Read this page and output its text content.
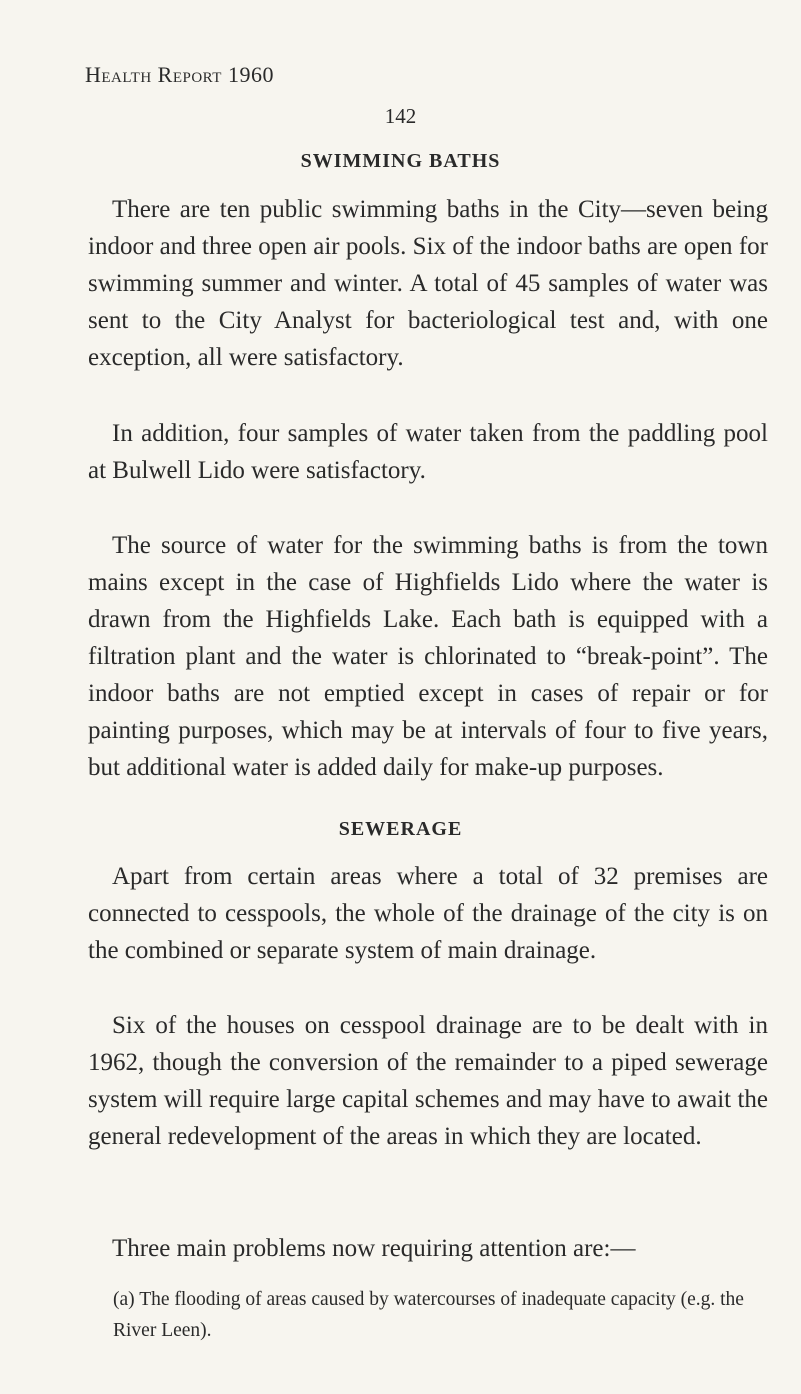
Health Report 1960
142
SWIMMING BATHS

There are ten public swimming baths in the City—seven being indoor and three open air pools. Six of the indoor baths are open for swimming summer and winter. A total of 45 samples of water was sent to the City Analyst for bacteriological test and, with one exception, all were satisfactory.

In addition, four samples of water taken from the paddling pool at Bulwell Lido were satisfactory.

The source of water for the swimming baths is from the town mains except in the case of Highfields Lido where the water is drawn from the Highfields Lake. Each bath is equipped with a filtration plant and the water is chlorinated to “break-point”. The indoor baths are not emptied except in cases of repair or for painting purposes, which may be at intervals of four to five years, but additional water is added daily for make-up purposes.

SEWERAGE

Apart from certain areas where a total of 32 premises are connected to cesspools, the whole of the drainage of the city is on the combined or separate system of main drainage.

Six of the houses on cesspool drainage are to be dealt with in 1962, though the conversion of the remainder to a piped sewerage system will require large capital schemes and may have to await the general redevelopment of the areas in which they are located.

Three main problems now requiring attention are:—

(a) The flooding of areas caused by watercourses of inadequate capacity (e.g. the River Leen).
